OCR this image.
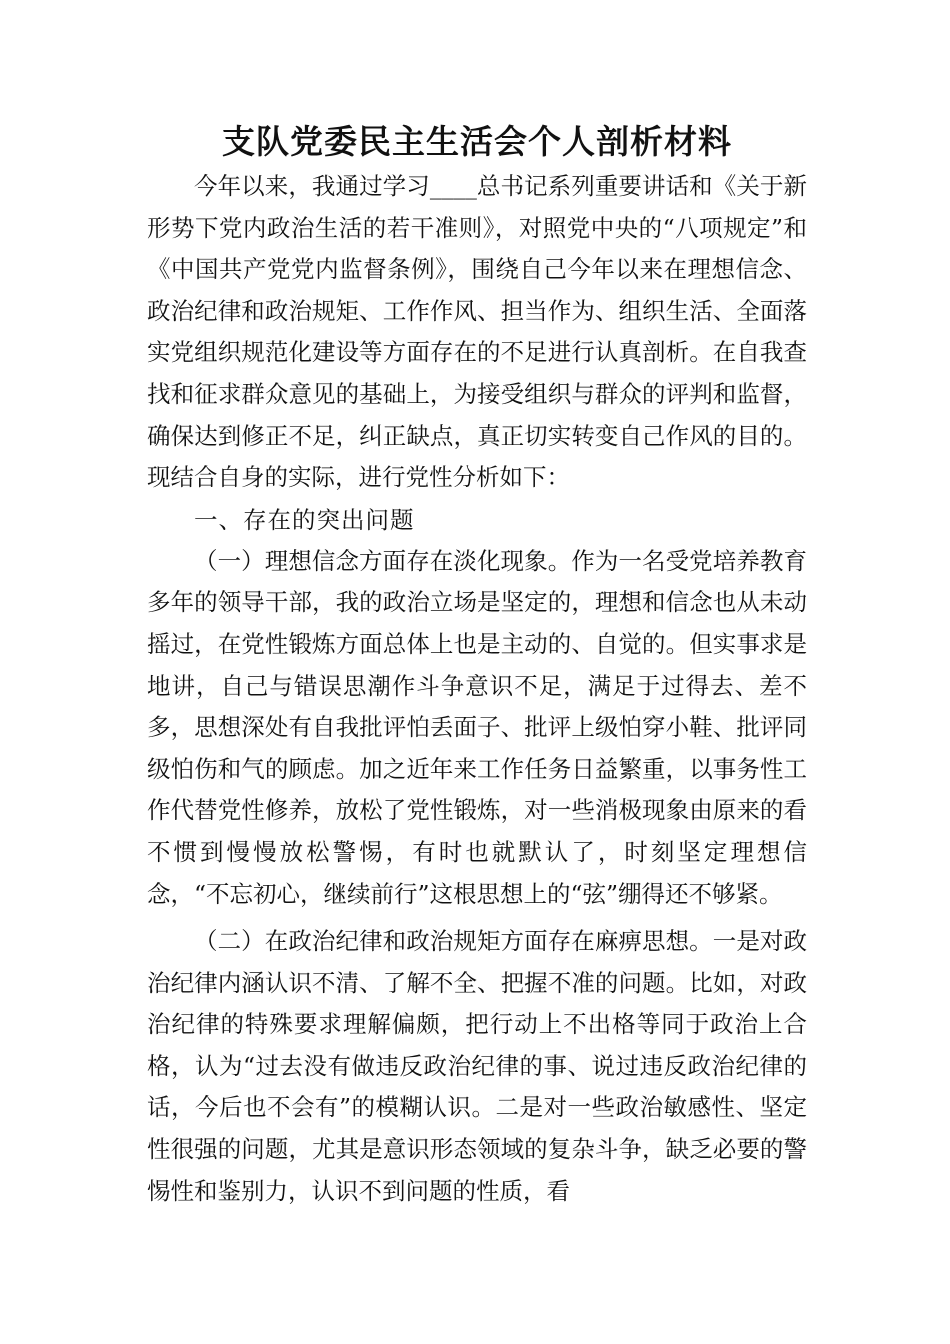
支队党委民主生活会个人剖析材料

今年以来，我通过学习____总书记系列重要讲话和《关于新形势下党内政治生活的若干准则》，对照党中央的“八项规定”和《中国共产党党内监督条例》，围绕自己今年以来在理想信念、政治纪律和政治规矩、工作作风、担当作为、组织生活、全面落实党组织规范化建设等方面存在的不足进行认真剖析。在自我查找和征求群众意见的基础上，为接受组织与群众的评判和监督，确保达到修正不足，纠正缺点，真正切实转变自己作风的目的。现结合自身的实际，进行党性分析如下：

一、存在的突出问题

（一）理想信念方面存在淡化现象。作为一名受党培养教育多年的领导干部，我的政治立场是坚定的，理想和信念也从未动摇过，在党性锻炼方面总体上也是主动的、自觉的。但实事求是地讲，自己与错误思潮作斗争意识不足，满足于过得去、差不多，思想深处有自我批评怕丢面子、批评上级怕穿小鞋、批评同级怕伤和气的顾虑。加之近年来工作任务日益繁重，以事务性工作代替党性修养，放松了党性锻炼，对一些消极现象由原来的看不惯到慢慢放松警惕，有时也就默认了，时刻坚定理想信念，“不忘初心，继续前行”这根思想上的“弦”绷得还不够紧。

（二）在政治纪律和政治规矩方面存在麻痹思想。一是对政治纪律内涵认识不清、了解不全、把握不准的问题。比如，对政治纪律的特殊要求理解偏颇，把行动上不出格等同于政治上合格，认为“过去没有做违反政治纪律的事、说过违反政治纪律的话，今后也不会有”的模糊认识。二是对一些政治敏感性、坚定性很强的问题，尤其是意识形态领域的复杂斗争，缺乏必要的警惕性和鉴别力，认识不到问题的性质，看
